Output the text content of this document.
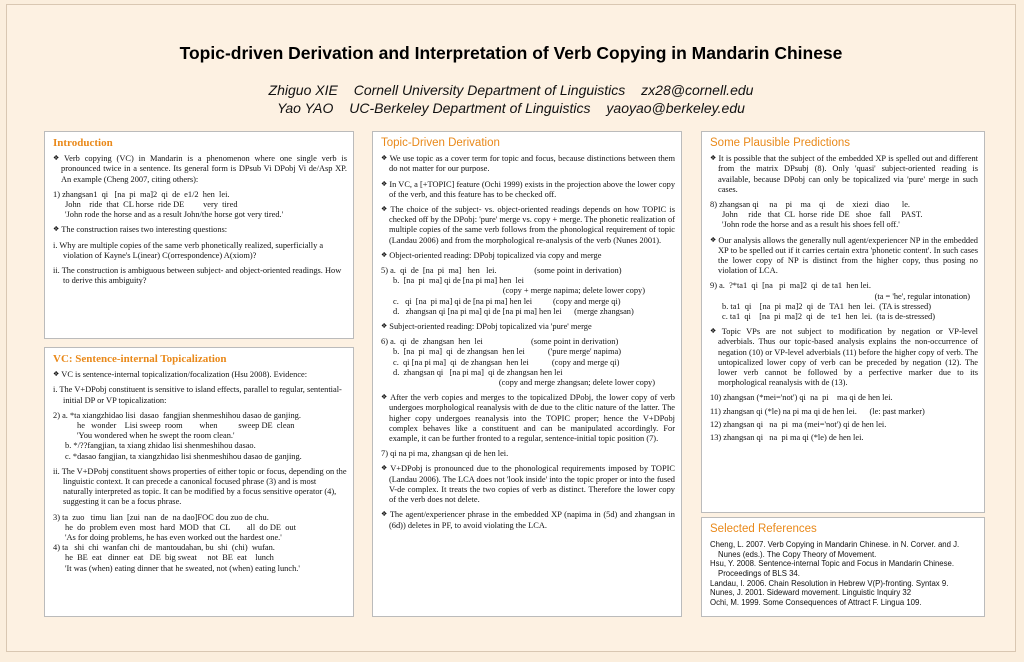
Topic-driven Derivation and Interpretation of Verb Copying in Mandarin Chinese
Zhiguo XIE Cornell University Department of Linguistics zx28@cornell.edu
Yao YAO UC-Berkeley Department of Linguistics yaoyao@berkeley.edu
Introduction

❖ Verb copying (VC) in Mandarin is a phenomenon where one single verb is pronounced twice in a sentence. Its general form is DPsub Vi DPobj Vi de/Asp XP. An example (Cheng 2007, citing others):

1) zhangsan1  qi   [na  pi  ma]2  qi  de  e1/2  hen  lei.
John    ride  that  CL horse  ride DE         very  tired
'John rode the horse and as a result John/the horse got very tired.'

❖ The construction raises two interesting questions:

i. Why are multiple copies of the same verb phonetically realized, superficially a violation of Kayne's L(inear) C(orrespondence) A(xiom)?

ii. The construction is ambiguous between subject- and object-oriented readings. How to derive this ambiguity?

VC: Sentence-internal Topicalization

❖ VC is sentence-internal topicalization/focalization (Hsu 2008). Evidence:

i. The V+DPobj constituent is sensitive to island effects, parallel to regular, sentential-initial DP or VP topicalization:

2) a. *ta xiangzhidao lisi  dasao  fangjian shenmeshihou dasao de ganjing.
he   wonder    Lisi sweep  room        when          sweep DE  clean
'You wondered when he swept the room clean.'
b. */??fangjian, ta xiang zhidao lisi shenmeshihou dasao.
c. *dasao fangjian, ta xiangzhidao lisi shenmeshihou dasao de ganjing.

ii. The V+DPobj constituent shows properties of either topic or focus, depending on the linguistic context. It can precede a canonical focused phrase (3) and is most naturally interpreted as topic. It can be modified by a focus sensitive operator (4), suggesting it can be a focus phrase.

3) ta  zuo   timu  lian  [zui  nan  de  na dao]FOC dou zuo de chu.
he  do  problem even  most  hard  MOD  that  CL        all  do DE  out
'As for doing problems, he has even worked out the hardest one.'
4) ta   shi  chi  wanfan chi  de  mantoudahan, bu  shi  (chi)  wufan.
he  BE  eat   dinner  eat   DE  big sweat     not  BE  eat    lunch
'It was (when) eating dinner that he sweated, not (when) eating lunch.'
Topic-Driven Derivation

❖ We use topic as a cover term for topic and focus, because distinctions between them do not matter for our purpose.

❖ In VC, a [+TOPIC] feature (Ochi 1999) exists in the projection above the lower copy of the verb, and this feature has to be checked off.

❖ The choice of the subject- vs. object-oriented readings depends on how TOPIC is checked off by the DPobj: 'pure' merge vs. copy + merge. The phonetic realization of multiple copies of the same verb follows from the phonological requirement of topic (Landau 2006) and from the morphological re-analysis of the verb (Nunes 2001).

❖ Object-oriented reading: DPobj topicalized via copy and merge

5) a.  qi  de  [na  pi  ma]   hen   lei.                  (some point in derivation)
b.  [na  pi  ma] qi de [na pi ma] hen  lei
(copy + merge napima; delete lower copy)
c.   qi  [na  pi ma] qi de [na pi ma] hen lei          (copy and merge qi)
d.   zhangsan qi [na pi ma] qi de [na pi ma] hen lei      (merge zhangsan)

❖ Subject-oriented reading: DPobj topicalized via 'pure' merge

6) a.  qi  de  zhangsan  hen  lei                       (some point in derivation)
b.  [na  pi  ma]  qi  de zhangsan  hen lei           ('pure merge' napima)
c.  qi [na pi ma]  qi  de zhangsan  hen lei           (copy and merge qi)
d.  zhangsan qi   [na pi ma]  qi de zhangsan hen lei
(copy and merge zhangsan; delete lower copy)

❖ After the verb copies and merges to the topicalized DPobj, the lower copy of verb undergoes morphological reanalysis with de due to the clitic nature of the latter. The higher copy undergoes reanalysis into the TOPIC proper; hence the V+DPobj complex behaves like a constituent and can be manipulated accordingly. For example, it can be further fronted to a regular, sentence-initial topic position (7).

7) qi na pi ma, zhangsan qi de hen lei.

❖ V+DPobj is pronounced due to the phonological requirements imposed by TOPIC (Landau 2006). The LCA does not 'look inside' into the topic proper or into the fused V-de complex. It treats the two copies of verb as distinct. Therefore the lower copy of the verb does not delete.

❖ The agent/experiencer phrase in the embedded XP (napima in (5d) and zhangsan in (6d)) deletes in PF, to avoid violating the LCA.

Some Plausible Predictions

❖ It is possible that the subject of the embedded XP is spelled out and different from the matrix DPsubj (8). Only 'quasi' subject-oriented reading is available, because DPobj can only be topicalized via 'pure' merge in such cases.

8) zhangsan qi     na    pi    ma    qi     de    xiezi   diao      le.
John     ride   that  CL  horse  ride  DE   shoe    fall     PAST.
'John rode the horse and as a result his shoes fell off.'

❖ Our analysis allows the generally null agent/experiencer NP in the embedded XP to be spelled out if it carries certain extra 'phonetic content'. In such cases the lower copy of NP is distinct from the higher copy, thus posing no violation of LCA.

9) a.  ?*ta1  qi  [na   pi  ma]2  qi  de ta1  hen lei.
(ta = 'he', regular intonation)
b. ta1  qi    [na  pi  ma]2  qi  de  TA1  hen  lei.  (TA is stressed)
c. ta1  qi    [na  pi  ma]2  qi  de   te1  hen  lei.  (ta is de-stressed)

❖ Topic VPs are not subject to modification by negation or VP-level adverbials. Thus our topic-based analysis explains the non-occurrence of negation (10) or VP-level adverbials (11) before the higher copy of verb. The untopicalized lower copy of verb can be preceded by negation (12). The lower verb cannot be followed by a perfective marker due to its morphological reanalysis with de (13).

10) zhangsan (*mei='not') qi  na  pi    ma qi de hen lei.
11) zhangsan qi (*le) na pi ma qi de hen lei.      (le: past marker)
12) zhangsan qi   na  pi  ma (mei='not') qi de hen lei.
13) zhangsan qi   na  pi ma qi (*le) de hen lei.
Selected References

Cheng, L. 2007. Verb Copying in Mandarin Chinese. in N. Corver. and J. Nunes (eds.). The Copy Theory of Movement.

Hsu, Y. 2008. Sentence-internal Topic and Focus in Mandarin Chinese. Proceedings of BLS 34.

Landau, I. 2006. Chain Resolution in Hebrew V(P)-fronting. Syntax 9.

Nunes, J. 2001. Sideward movement. Linguistic Inquiry 32

Ochi, M. 1999. Some Consequences of Attract F. Lingua 109.
